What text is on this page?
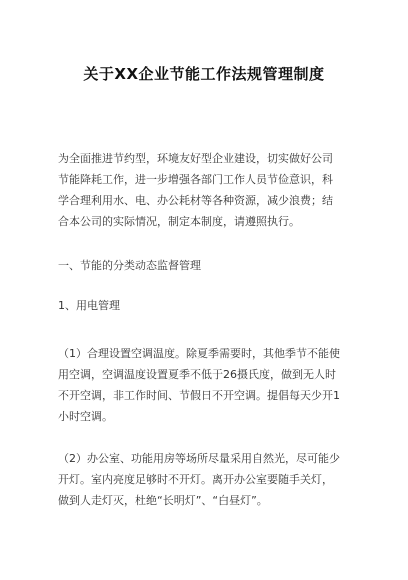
关于XX企业节能工作法规管理制度
为全面推进节约型，环境友好型企业建设，切实做好公司
节能降耗工作，进一步增强各部门工作人员节俭意识，科
学合理利用水、电、办公耗材等各种资源，减少浪费；结
合本公司的实际情况，制定本制度，请遵照执行。
一、节能的分类动态监督管理
1、用电管理
（1）合理设置空调温度。除夏季需要时，其他季节不能使
用空调，空调温度设置夏季不低于26摄氏度，做到无人时
不开空调，非工作时间、节假日不开空调。提倡每天少开1
小时空调。
（2）办公室、功能用房等场所尽量采用自然光，尽可能少
开灯。室内亮度足够时不开灯。离开办公室要随手关灯，
做到人走灯灭，杜绝“长明灯”、“白昼灯”。
